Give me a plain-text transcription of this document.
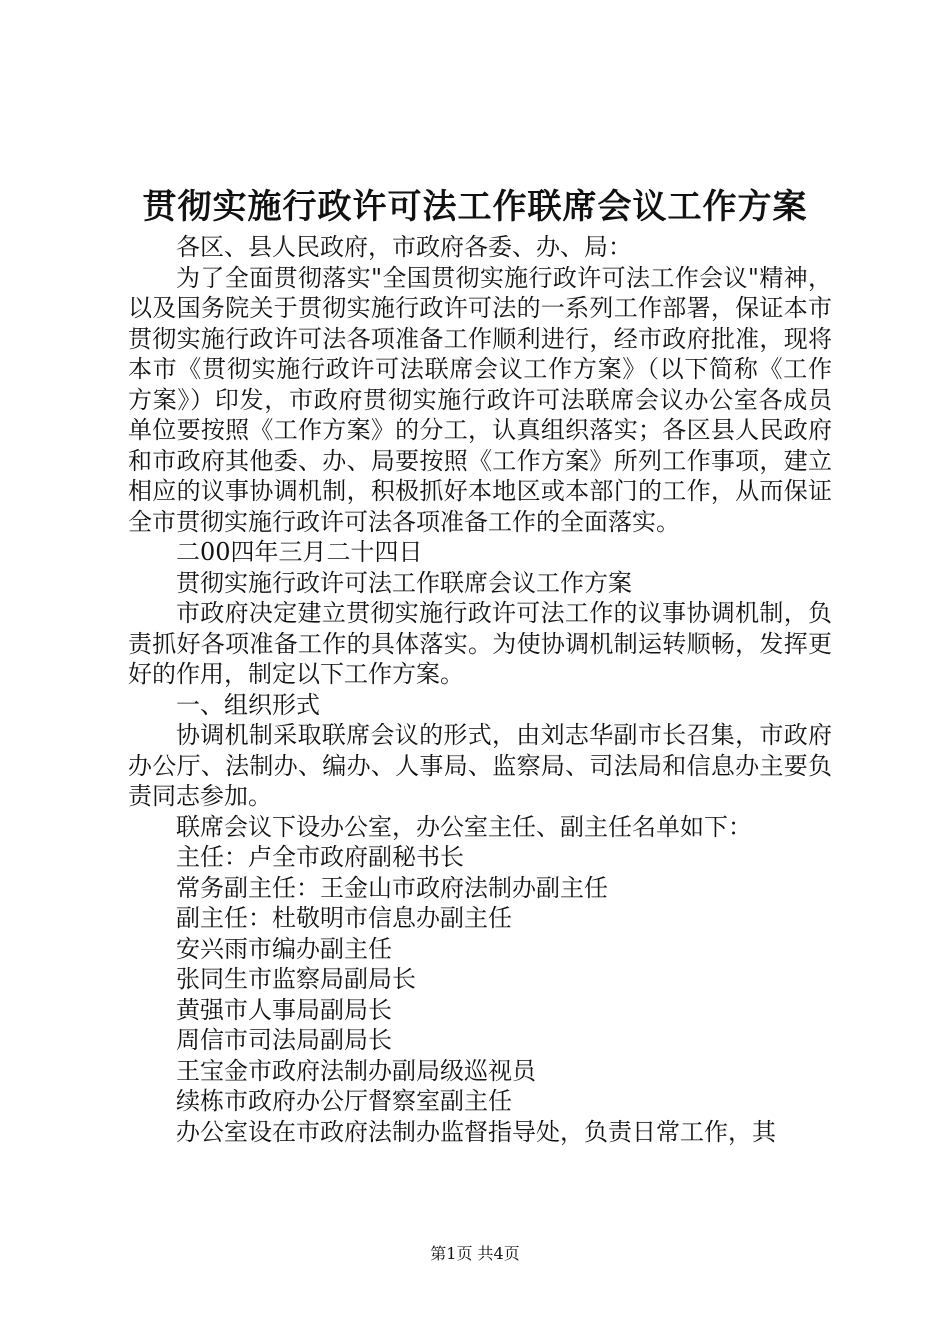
贯彻实施行政许可法工作联席会议工作方案

各区、县人民政府，市政府各委、办、局：

为了全面贯彻落实"全国贯彻实施行政许可法工作会议"精神，以及国务院关于贯彻实施行政许可法的一系列工作部署，保证本市贯彻实施行政许可法各项准备工作顺利进行，经市政府批准，现将本市《贯彻实施行政许可法联席会议工作方案》（以下简称《工作方案》）印发，市政府贯彻实施行政许可法联席会议办公室各成员单位要按照《工作方案》的分工，认真组织落实；各区县人民政府和市政府其他委、办、局要按照《工作方案》所列工作事项，建立相应的议事协调机制，积极抓好本地区或本部门的工作，从而保证全市贯彻实施行政许可法各项准备工作的全面落实。

二00四年三月二十四日

贯彻实施行政许可法工作联席会议工作方案

市政府决定建立贯彻实施行政许可法工作的议事协调机制，负责抓好各项准备工作的具体落实。为使协调机制运转顺畅，发挥更好的作用，制定以下工作方案。

一、组织形式

协调机制采取联席会议的形式，由刘志华副市长召集，市政府办公厅、法制办、编办、人事局、监察局、司法局和信息办主要负责同志参加。

联席会议下设办公室，办公室主任、副主任名单如下：

主任：卢全市政府副秘书长

常务副主任：王金山市政府法制办副主任

副主任：杜敬明市信息办副主任

安兴雨市编办副主任

张同生市监察局副局长

黄强市人事局副局长

周信市司法局副局长

王宝金市政府法制办副局级巡视员

续栋市政府办公厅督察室副主任

办公室设在市政府法制办监督指导处，负责日常工作，其

第1页 共4页
